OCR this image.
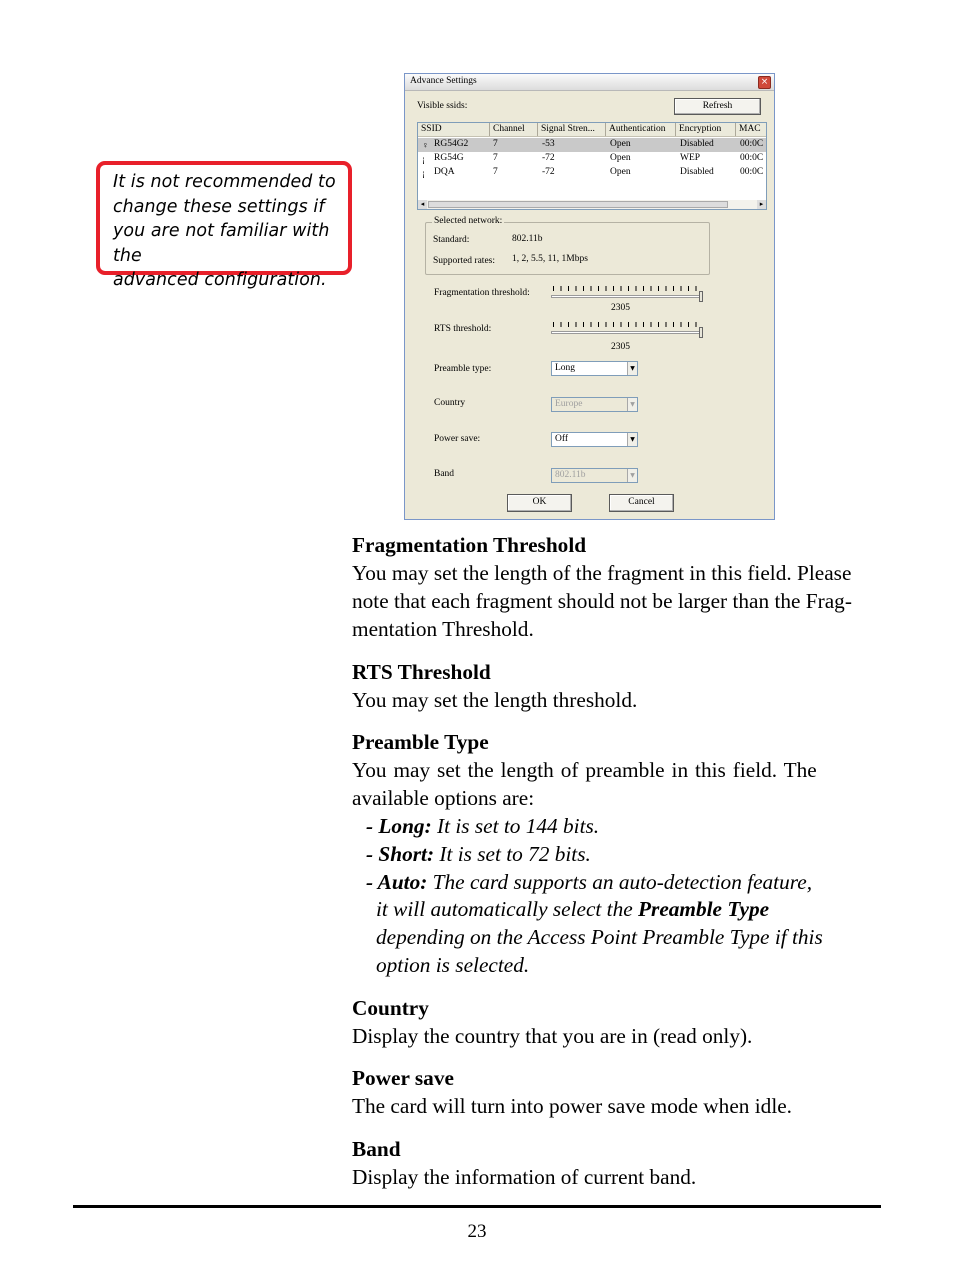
It is not recommended to
change these settings if
you are not familiar with the
advanced configuration.
Advance Settings	×
Visible ssids:	Refresh
SSID	Channel	Signal Stren...	Authentication	Encryption	MAC
♀ RG54G2	7	-53	Open	Disabled	00:0C
¡ RG54G	7	-72	Open	WEP	00:0C
¡ DQA	7	-72	Open	Disabled	00:0C
◂	▸
Selected network:
Standard:	802.11b
Supported rates: 1, 2, 5.5, 11, 1Mbps
Fragmentation threshold:
2305
RTS threshold:
2305
Preamble type:	Long	▼
Country	Europe	▼
Power save:	Off	▼
Band	802.11b	▼
OK	Cancel
Fragmentation Threshold
You may set the length of the fragment in this field. Please
note that each fragment should not be larger than the Frag-
mentation Threshold.
RTS Threshold
You may set the length threshold.
Preamble Type
You may set the length of preamble in this field. The
available options are:
- Long: It is set to 144 bits.
- Short: It is set to 72 bits.
- Auto: The card supports an auto-detection feature,
it will automatically select the Preamble Type
depending on the Access Point Preamble Type if this
option is selected.
Country
Display the country that you are in (read only).
Power save
The card will turn into power save mode when idle.
Band
Display the information of current band.
23
